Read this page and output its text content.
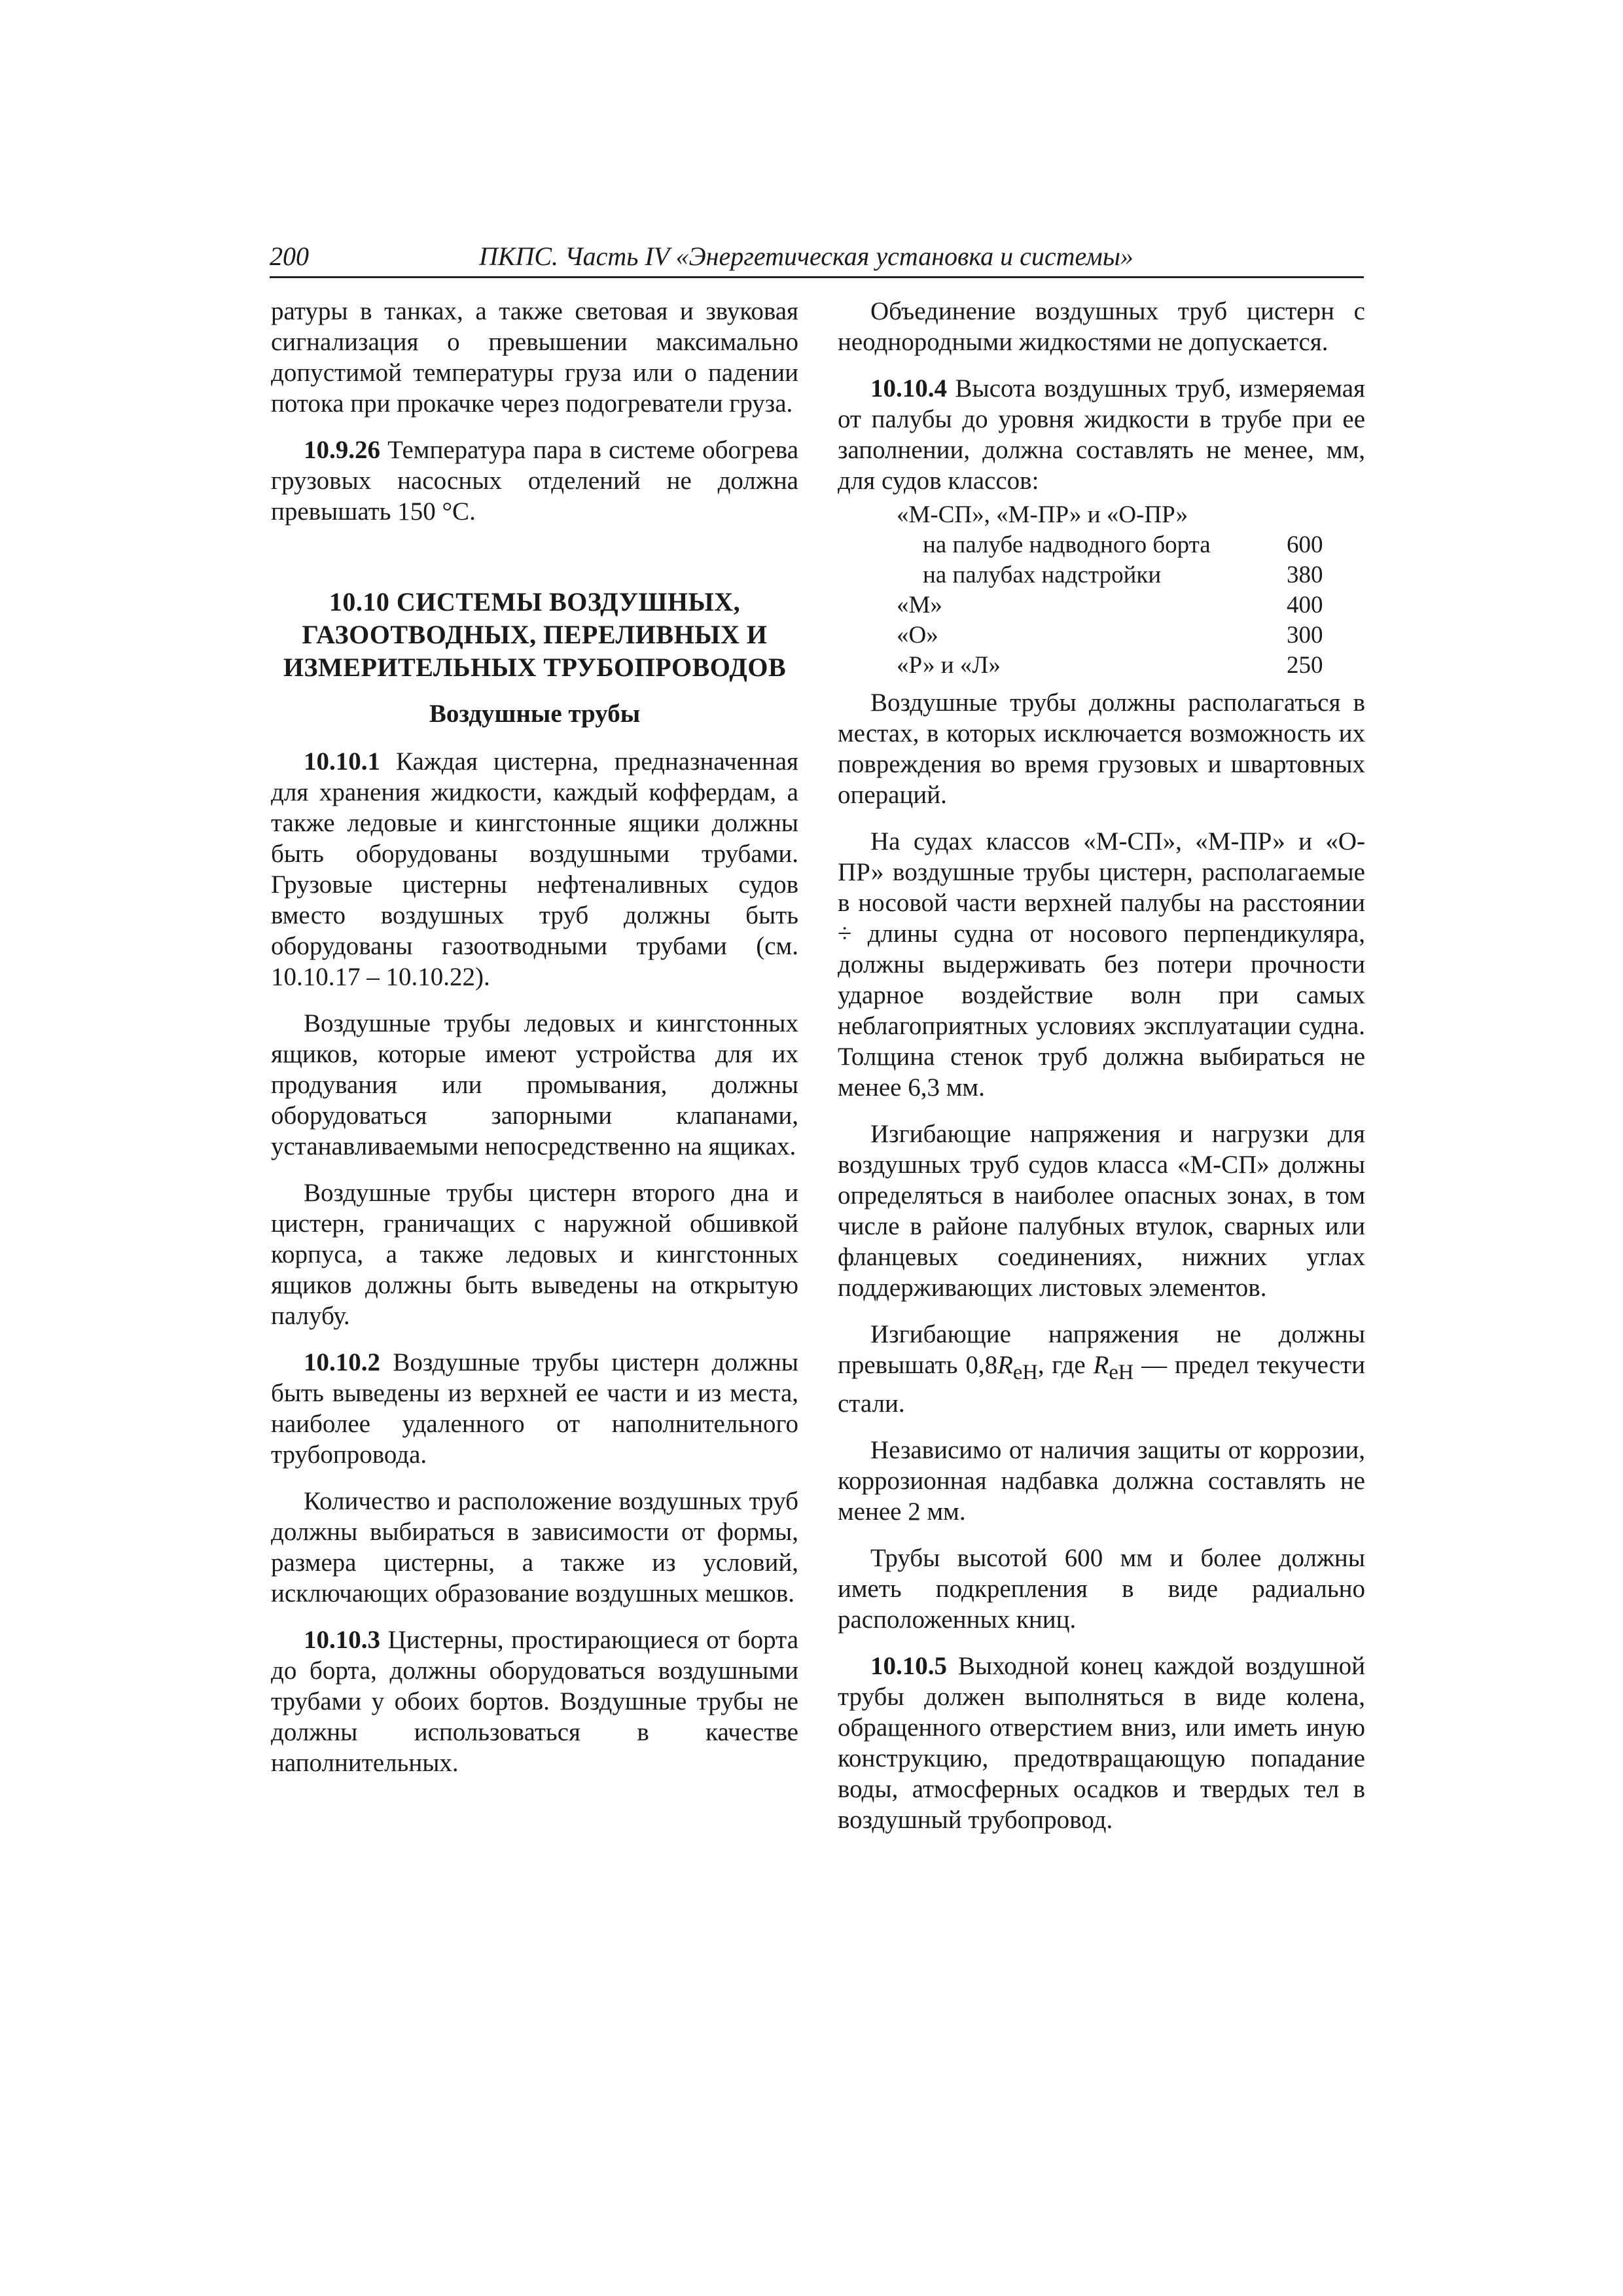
200	ПКПС. Часть IV «Энергетическая установка и системы»

ратуры в танках, а также световая и звуковая сигнализация о превышении максимально допустимой температуры груза или о падении потока при прокачке через подогреватели груза.

10.9.26 Температура пара в системе обогрева грузовых насосных отделений не должна превышать 150 °C.

10.10 СИСТЕМЫ ВОЗДУШНЫХ,
ГАЗООТВОДНЫХ, ПЕРЕЛИВНЫХ И
ИЗМЕРИТЕЛЬНЫХ ТРУБОПРОВОДОВ
Воздушные трубы

10.10.1 Каждая цистерна, предназначенная для хранения жидкости, каждый коффердам, а также ледовые и кингстонные ящики должны быть оборудованы воздушными трубами. Грузовые цистерны нефтеналивных судов вместо воздушных труб должны быть оборудованы газоотводными трубами (см. 10.10.17 – 10.10.22).

Воздушные трубы ледовых и кингстонных ящиков, которые имеют устройства для их продувания или промывания, должны оборудоваться запорными клапанами, устанавливаемыми непосредственно на ящиках.

Воздушные трубы цистерн второго дна и цистерн, граничащих с наружной обшивкой корпуса, а также ледовых и кингстонных ящиков должны быть выведены на открытую палубу.

10.10.2 Воздушные трубы цистерн должны быть выведены из верхней ее части и из места, наиболее удаленного от наполнительного трубопровода.

Количество и расположение воздушных труб должны выбираться в зависимости от формы, размера цистерны, а также из условий, исключающих образование воздушных мешков.

10.10.3 Цистерны, простирающиеся от борта до борта, должны оборудоваться воздушными трубами у обоих бортов. Воздушные трубы не должны использоваться в качестве наполнительных.

Объединение воздушных труб цистерн с неоднородными жидкостями не допускается.

10.10.4 Высота воздушных труб, измеряемая от палубы до уровня жидкости в трубе при ее заполнении, должна составлять не менее, мм, для судов классов:

«М-СП», «М-ПР» и «О-ПР»	
на палубе надводного борта	600
на палубах надстройки	380
«М»	400
«О»	300
«Р» и «Л»	250

Воздушные трубы должны располагаться в местах, в которых исключается возможность их повреждения во время грузовых и швартовных операций.

На судах классов «М-СП», «М-ПР» и «О-ПР» воздушные трубы цистерн, располагаемые в носовой части верхней палубы на расстоянии ÷ длины судна от носового перпендикуляра, должны выдерживать без потери прочности ударное воздействие волн при самых неблагоприятных условиях эксплуатации судна. Толщина стенок труб должна выбираться не менее 6,3 мм.

Изгибающие напряжения и нагрузки для воздушных труб судов класса «М-СП» должны определяться в наиболее опасных зонах, в том числе в районе палубных втулок, сварных или фланцевых соединениях, нижних углах поддерживающих листовых элементов.

Изгибающие напряжения не должны превышать $0,8R_{eH}$, где $R_{eH}$ — предел текучести стали.

Независимо от наличия защиты от коррозии, коррозионная надбавка должна составлять не менее 2 мм.

Трубы высотой 600 мм и более должны иметь подкрепления в виде радиально расположенных книц.

10.10.5 Выходной конец каждой воздушной трубы должен выполняться в виде колена, обращенного отверстием вниз, или иметь иную конструкцию, предотвращающую попадание воды, атмосферных осадков и твердых тел в воздушный трубопровод.
